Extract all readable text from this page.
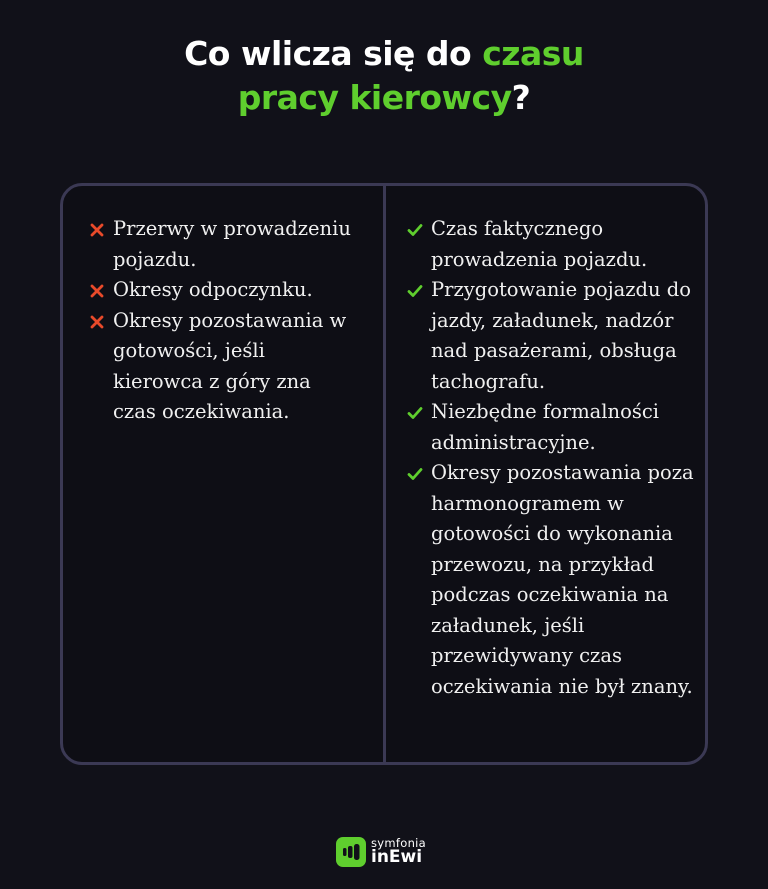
Co wlicza się do czasu
pracy kierowcy?
Przerwy w prowadzeniu pojazdu.
Okresy odpoczynku.
Okresy pozostawania w gotowości, jeśli kierowca z góry zna czas oczekiwania.
Czas faktycznego prowadzenia pojazdu.
Przygotowanie pojazdu do jazdy, załadunek, nadzór nad pasażerami, obsługa tachografu.
Niezbędne formalności administracyjne.
Okresy pozostawania poza harmonogramem w gotowości do wykonania przewozu, na przykład podczas oczekiwania na załadunek, jeśli przewidywany czas oczekiwania nie był znany.
symfonia
inEwi
